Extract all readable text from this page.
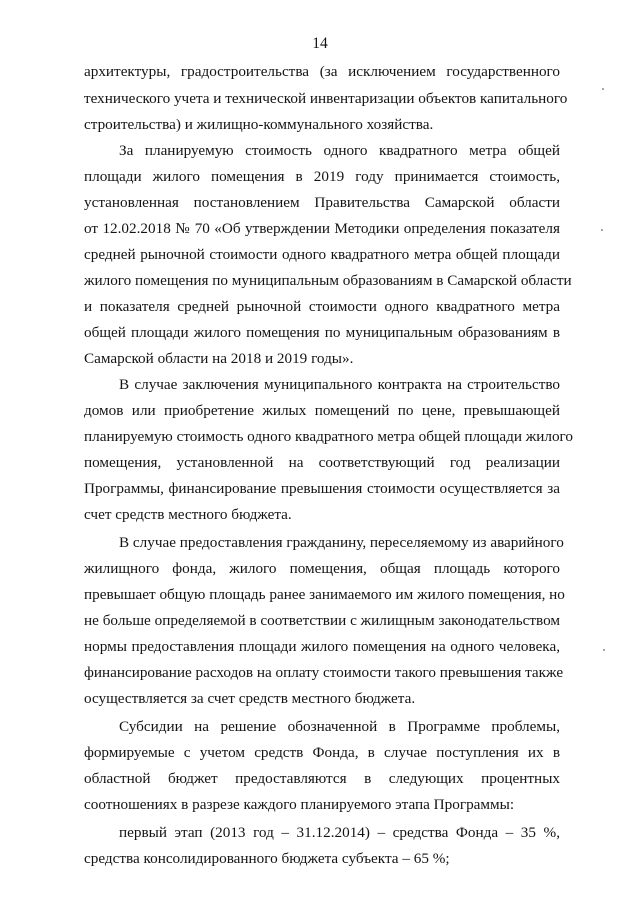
14
архитектуры, градостроительства (за исключением государственного
технического учета и технической инвентаризации объектов капитального
строительства) и жилищно-коммунального хозяйства.
За планируемую стоимость одного квадратного метра общей
площади жилого помещения в 2019 году принимается стоимость,
установленная постановлением Правительства Самарской области
от 12.02.2018 № 70 «Об утверждении Методики определения показателя
средней рыночной стоимости одного квадратного метра общей площади
жилого помещения по муниципальным образованиям в Самарской области
и показателя средней рыночной стоимости одного квадратного метра
общей площади жилого помещения по муниципальным образованиям в
Самарской области на 2018 и 2019 годы».
В случае заключения муниципального контракта на строительство
домов или приобретение жилых помещений по цене, превышающей
планируемую стоимость одного квадратного метра общей площади жилого
помещения, установленной на соответствующий год реализации
Программы, финансирование превышения стоимости осуществляется за
счет средств местного бюджета.
В случае предоставления гражданину, переселяемому из аварийного
жилищного фонда, жилого помещения, общая площадь которого
превышает общую площадь ранее занимаемого им жилого помещения, но
не больше определяемой в соответствии с жилищным законодательством
нормы предоставления площади жилого помещения на одного человека,
финансирование расходов на оплату стоимости такого превышения также
осуществляется за счет средств местного бюджета.
Субсидии на решение обозначенной в Программе проблемы,
формируемые с учетом средств Фонда, в случае поступления их в
областной бюджет предоставляются в следующих процентных
соотношениях в разрезе каждого планируемого этапа Программы:
первый этап (2013 год – 31.12.2014) – средства Фонда – 35 %,
средства консолидированного бюджета субъекта – 65 %;
